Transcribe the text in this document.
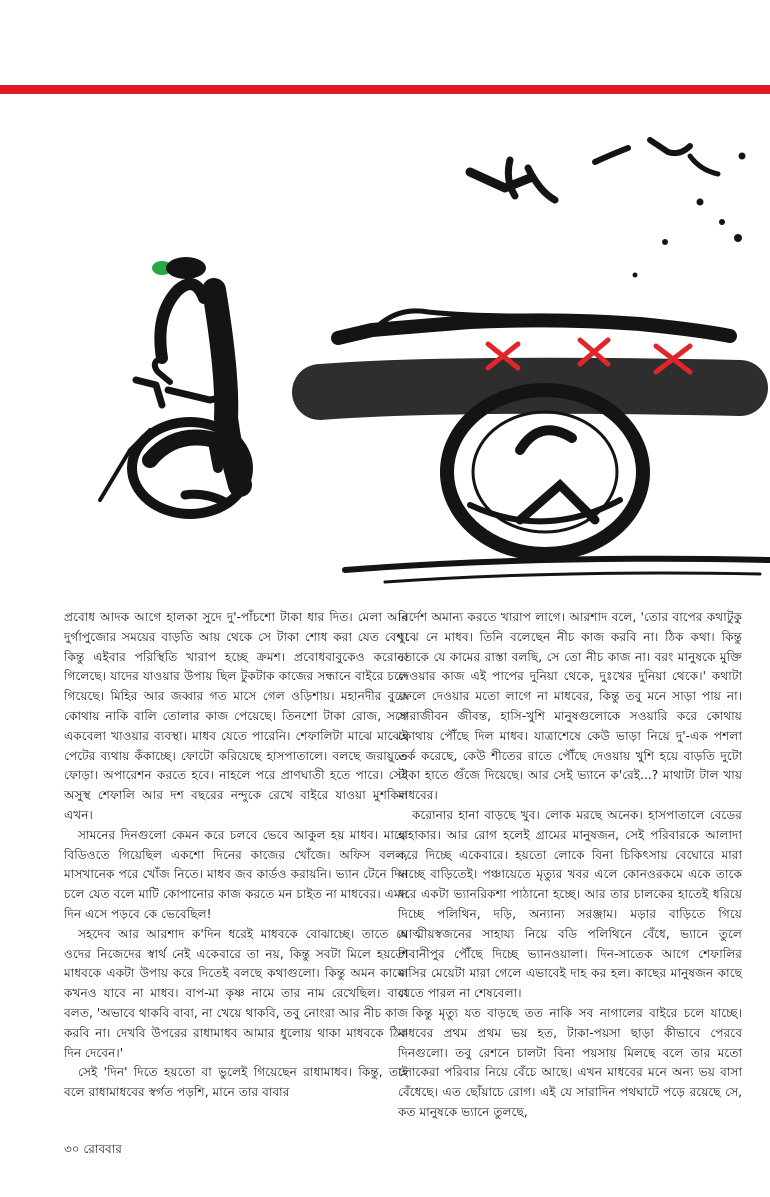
প্রবোধ আদক আগে হালকা সুদে দু'-পাঁচশো টাকা ধার দিত। মেলা আর দুর্গাপুজোর সময়ের বাড়তি আয় থেকে সে টাকা শোধ করা যেত বেশ। কিন্তু এইবার পরিস্থিতি খারাপ হচ্ছে ক্রমশ। প্রবোধবাবুকেও করোনা গিলেছে। যাদের যাওয়ার উপায় ছিল টুকটাক কাজের সন্ধানে বাইরে চলে গিয়েছে। মিহির আর জব্বার গত মাসে গেল ওড়িশায়। মহানদীর বুকে কোথায় নাকি বালি তোলার কাজ পেয়েছে। তিনশো টাকা রোজ, সঙ্গে একবেলা খাওয়ার ব্যবস্থা। মাধব যেতে পারেনি। শেফালিটা মাঝে মাঝেই পেটের ব্যথায় কঁকাচ্ছে। ফোটো করিয়েছে হাসপাতালে। বলছে জরায়ুতে ফোড়া। অপারেশন করতে হবে। নাহলে পরে প্রাণঘাতী হতে পারে। সেই অসুস্থ শেফালি আর দশ বছরের নন্দুকে রেখে বাইরে যাওয়া মুশকিল এখন।

সামনের দিনগুলো কেমন করে চলবে ভেবে আকুল হয় মাধব। মাঝে বিডিওতে গিয়েছিল একশো দিনের কাজের খোঁজে। অফিস বলল, মাসখানেক পরে খোঁজ নিতে। মাধব জব কার্ডও করায়নি। ভ্যান টেনে দিন চলে যেত বলে মাটি কোপানোর কাজ করতে মন চাইত না মাধবের। এমন দিন এসে পড়বে কে ভেবেছিল!

সহদেব আর আরশাদ ক'দিন ধরেই মাধবকে বোঝাচ্ছে। তাতে যে ওদের নিজেদের স্বার্থ নেই একেবারে তা নয়, কিন্তু সবটা মিলে হয়তো মাধবকে একটা উপায় করে দিতেই বলছে কথাগুলো। কিন্তু অমন কাজে কখনও যাবে না মাধব। বাপ-মা কৃষ্ণ নামে তার নাম রেখেছিল। বাবা বলত, 'অভাবে থাকবি বাবা, না খেয়ে থাকবি, তবু নোংরা আর নীচ কাজ করবি না। দেখবি উপরের রাধামাধব আমার ধুলোয় থাকা মাধবকে ঠিক দিন দেবেন।'

সেই 'দিন' দিতে হয়তো বা ভুলেই গিয়েছেন রাধামাধব। কিন্তু, তাই বলে রাধামাধবের স্বর্গত পড়শি, মানে তার বাবার

নির্দেশ অমান্য করতে খারাপ লাগে। আরশাদ বলে, 'তোর বাপের কথাটুকু বুঝে নে মাধব। তিনি বলেছেন নীচ কাজ করবি না। ঠিক কথা। কিন্তু তোকে যে কামের রাস্তা বলছি, সে তো নীচ কাজ না। বরং মানুষকে মুক্তি দেওয়ার কাজ এই পাপের দুনিয়া থেকে, দুঃখের দুনিয়া থেকে।' কথাটা ফেলে দেওয়ার মতো লাগে না মাধবের, কিন্তু তবু মনে সাড়া পায় না। সারাজীবন জীবন্ত, হাসি-খুশি মানুষগুলোকে সওয়ারি করে কোথায় কোথায় পৌঁছে দিল মাধব। যাত্রাশেষে কেউ ভাড়া নিয়ে দু'-এক পশলা তর্ক করেছে, কেউ শীতের রাতে পৌঁছে দেওয়ায় খুশি হয়ে বাড়তি দুটো টাকা হাতে গুঁজে দিয়েছে। আর সেই ভ্যানে ক'রেই...? মাথাটা টাল খায় মাধবের।

করোনার হানা বাড়ছে খুব। লোক মরছে অনেক। হাসপাতালে বেডের হাহাকার। আর রোগ হলেই গ্রামের মানুষজন, সেই পরিবারকে আলাদা করে দিচ্ছে একেবারে। হয়তো লোকে বিনা চিকিৎসায় বেঘোরে মারা যাচ্ছে বাড়িতেই। পঞ্চায়েতে মৃত্যুর খবর এলে কোনওরকমে একে তাকে ধরে একটা ভ্যানরিকশা পাঠানো হচ্ছে। আর তার চালকের হাতেই ধরিয়ে দিচ্ছে পলিথিন, দড়ি, অন্যান্য সরঞ্জাম। মড়ার বাড়িতে গিয়ে আত্মীয়স্বজনের সাহায্য নিয়ে বডি পলিথিনে বেঁধে, ভ্যানে তুলে শিবানীপুর পৌঁছে দিচ্ছে ভ্যানওয়ালা। দিন-সাতেক আগে শেফালির মাসির মেয়েটা মারা গেলে এভাবেই দাহ কর হল। কাছের মানুষজন কাছে যেতে পারল না শেষবেলা।

কিন্তু মৃত্যু যত বাড়ছে তত নাকি সব নাগালের বাইরে চলে যাচ্ছে। মাধবের প্রথম প্রথম ভয় হত, টাকা-পয়সা ছাড়া কীভাবে পেরবে দিনগুলো। তবু রেশনে চালটা বিনা পয়সায় মিলছে বলে তার মতো লোকেরা পরিবার নিয়ে বেঁচে আছে। এখন মাধবের মনে অন্য ভয় বাসা বেঁধেছে। এত ছোঁয়াচে রোগ। এই যে সারাদিন পথঘাটে পড়ে রয়েছে সে, কত মানুষকে ভ্যানে তুলছে,

৩০ রোববার
